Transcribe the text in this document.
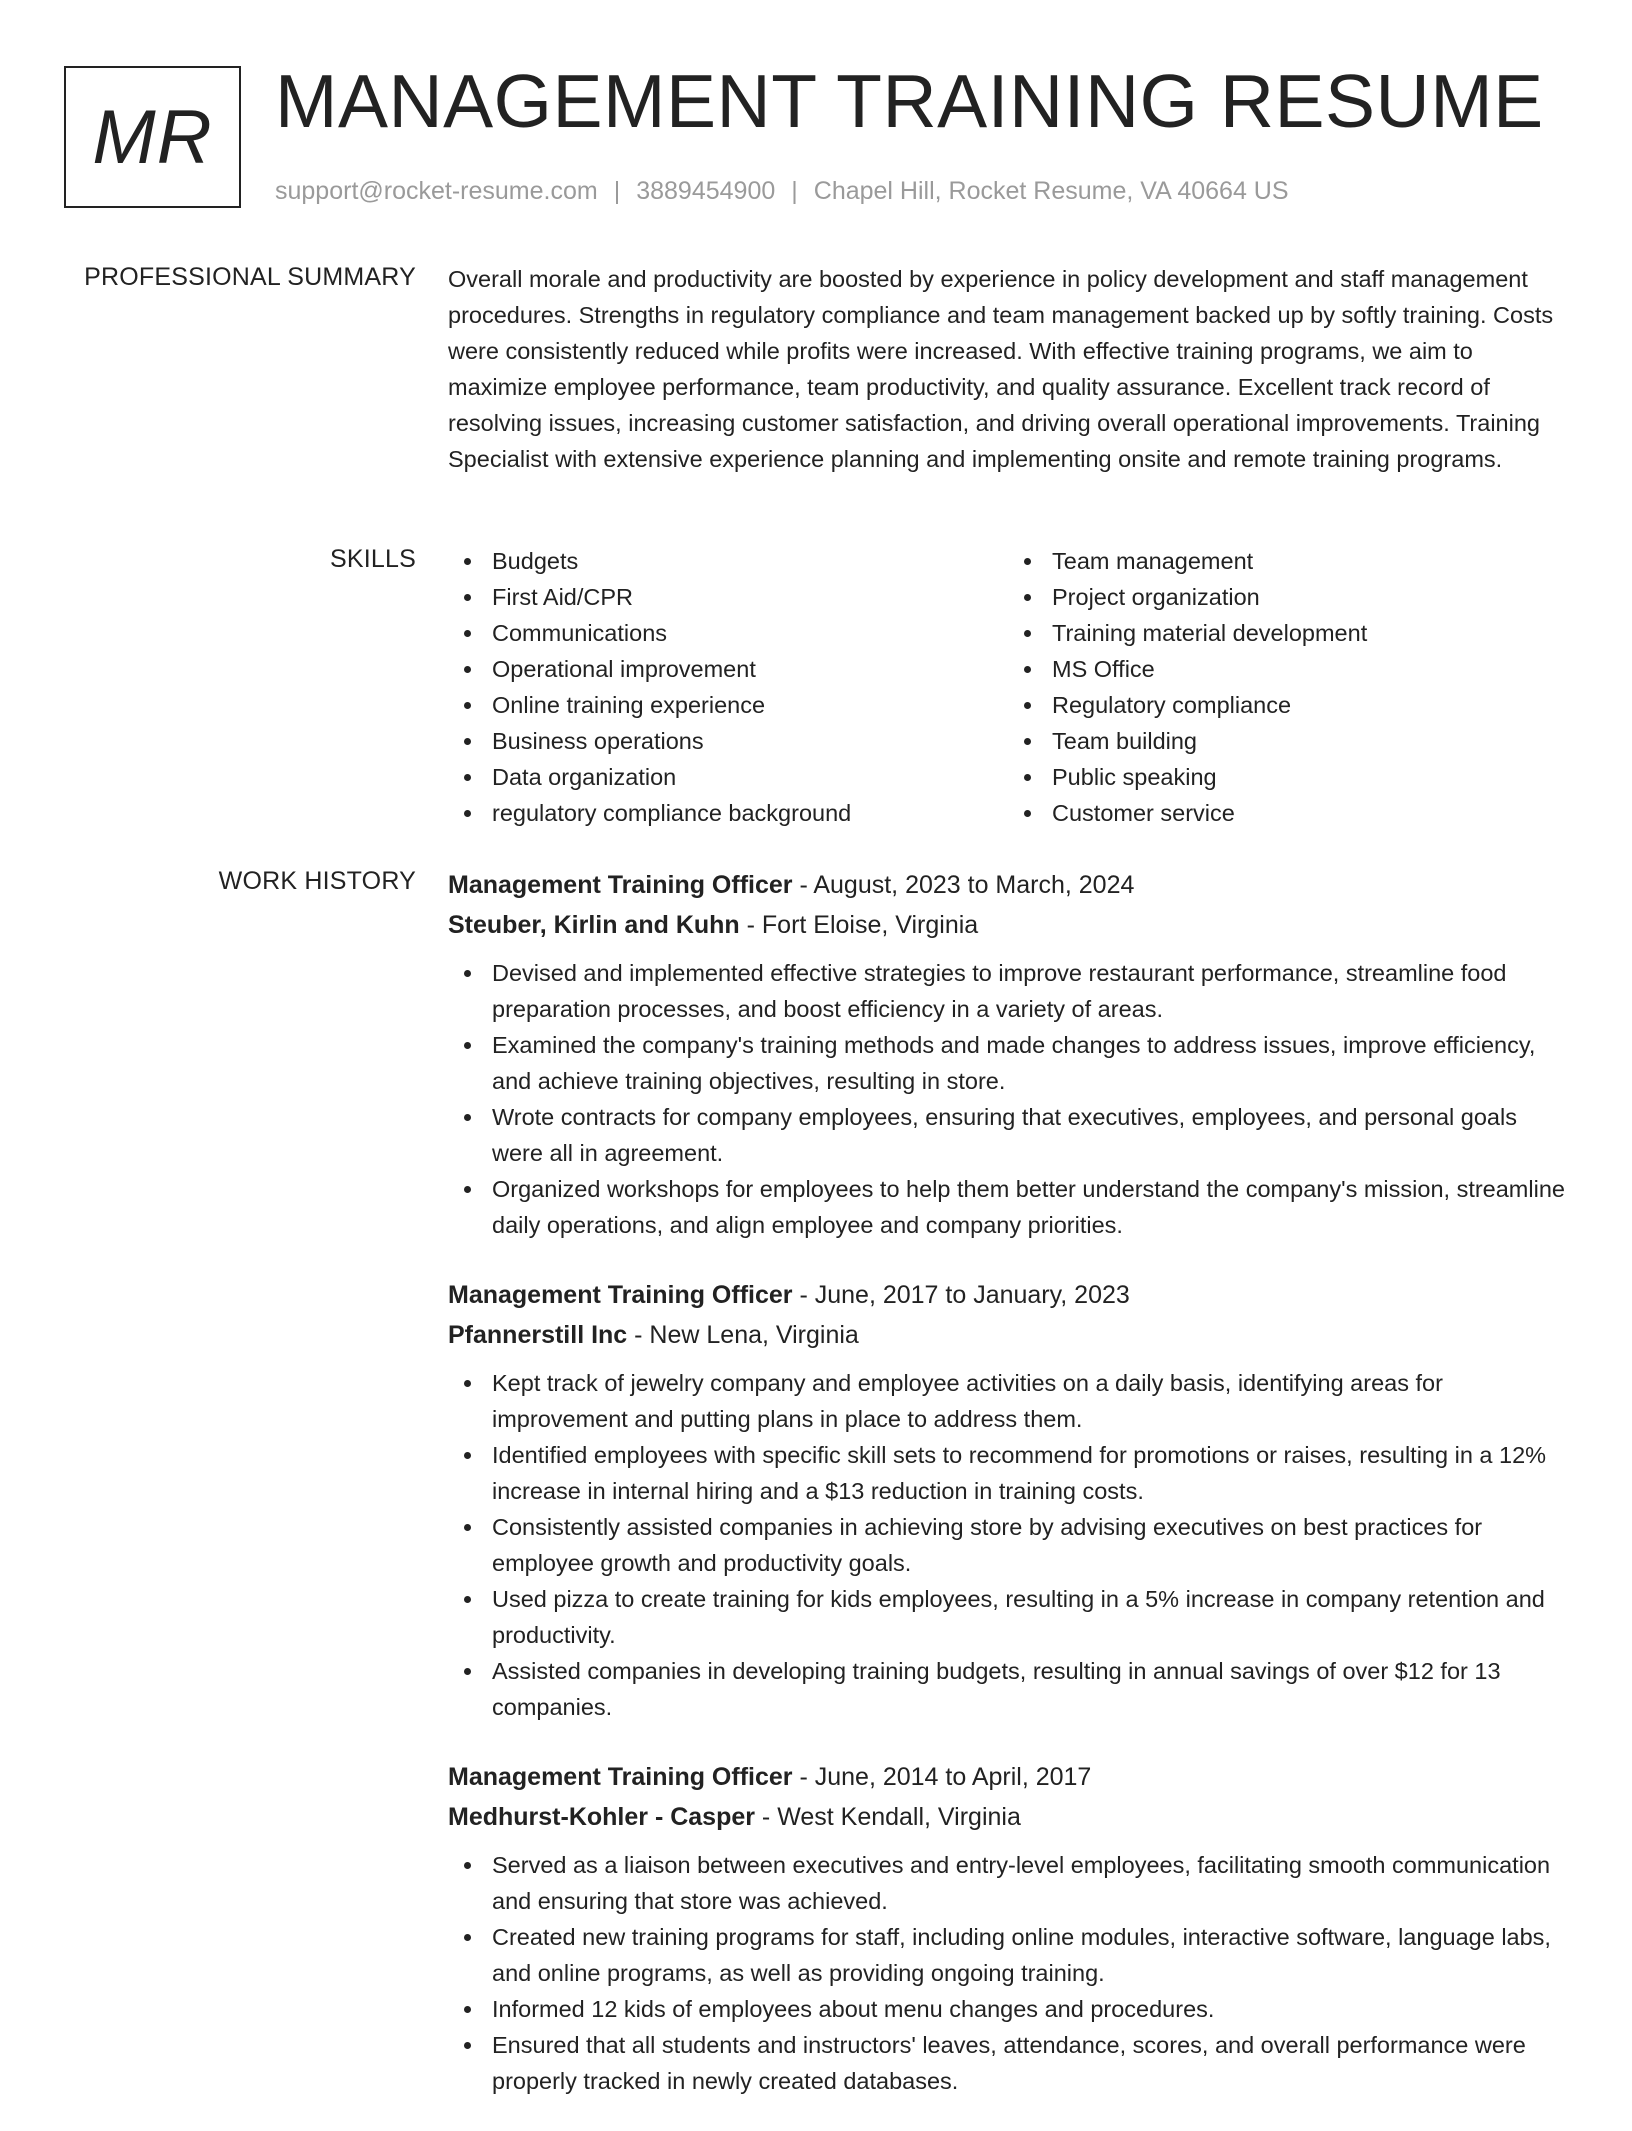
MR MANAGEMENT TRAINING RESUME
support@rocket-resume.com | 3889454900 | Chapel Hill, Rocket Resume, VA 40664 US
PROFESSIONAL SUMMARY Overall morale and productivity are boosted by experience in policy development and staff management procedures. Strengths in regulatory compliance and team management backed up by softly training. Costs were consistently reduced while profits were increased. With effective training programs, we aim to maximize employee performance, team productivity, and quality assurance. Excellent track record of resolving issues, increasing customer satisfaction, and driving overall operational improvements. Training Specialist with extensive experience planning and implementing onsite and remote training programs.

SKILLS	Budgets
First Aid/CPR
Communications
Operational improvement
Online training experience
Business operations
Data organization
regulatory compliance background
Team management
Project organization
Training material development
MS Office
Regulatory compliance
Team building
Public speaking
Customer service
WORK HISTORY Management Training Officer - August, 2023 to March, 2024
Steuber, Kirlin and Kuhn - Fort Eloise, Virginia
Devised and implemented effective strategies to improve restaurant performance, streamline food preparation processes, and boost efficiency in a variety of areas.
Examined the company's training methods and made changes to address issues, improve efficiency, and achieve training objectives, resulting in store.
Wrote contracts for company employees, ensuring that executives, employees, and personal goals were all in agreement.
Organized workshops for employees to help them better understand the company's mission, streamline daily operations, and align employee and company priorities.
Management Training Officer - June, 2017 to January, 2023
Pfannerstill Inc - New Lena, Virginia
Kept track of jewelry company and employee activities on a daily basis, identifying areas for improvement and putting plans in place to address them.
Identified employees with specific skill sets to recommend for promotions or raises, resulting in a 12% increase in internal hiring and a $13 reduction in training costs.
Consistently assisted companies in achieving store by advising executives on best practices for employee growth and productivity goals.
Used pizza to create training for kids employees, resulting in a 5% increase in company retention and productivity.
Assisted companies in developing training budgets, resulting in annual savings of over $12 for 13 companies.
Management Training Officer - June, 2014 to April, 2017
Medhurst-Kohler - Casper - West Kendall, Virginia
Served as a liaison between executives and entry-level employees, facilitating smooth communication and ensuring that store was achieved.
Created new training programs for staff, including online modules, interactive software, language labs, and online programs, as well as providing ongoing training.
Informed 12 kids of employees about menu changes and procedures.
Ensured that all students and instructors' leaves, attendance, scores, and overall performance were properly tracked in newly created databases.
